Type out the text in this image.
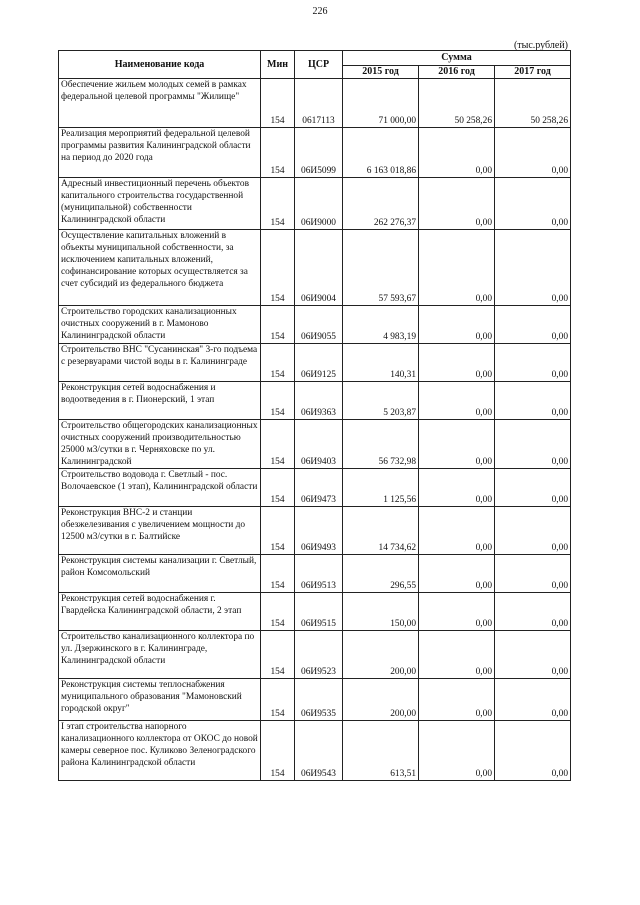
226
(тыс.рублей)
Наименование кода	Мин	ЦСР	Сумма		
			2015 год	2016 год	2017 год
Обеспечение жильем молодых семей в рамках федеральной целевой программы "Жилище"	154	0617113	71 000,00	50 258,26	50 258,26
Реализация мероприятий федеральной целевой программы развития Калининградской области на период до 2020 года	154	06И5099	6 163 018,86	0,00	0,00
Адресный инвестиционный перечень объектов капитального строительства государственной (муниципальной) собственности Калининградской области	154	06И9000	262 276,37	0,00	0,00
Осуществление капитальных вложений в объекты муниципальной собственности, за исключением капитальных вложений, софинансирование которых осуществляется за счет субсидий из федерального бюджета	154	06И9004	57 593,67	0,00	0,00
Строительство городских канализационных очистных сооружений в г. Мамоново Калининградской области	154	06И9055	4 983,19	0,00	0,00
Строительство ВНС "Сусанинская" 3-го подъема с резервуарами чистой воды в г. Калининграде	154	06И9125	140,31	0,00	0,00
Реконструкция сетей водоснабжения и водоотведения в г. Пионерский, 1 этап	154	06И9363	5 203,87	0,00	0,00
Строительство общегородских канализационных очистных сооружений производительностью 25000 м3/сутки в г. Черняховске по ул. Калининградской	154	06И9403	56 732,98	0,00	0,00
Строительство водовода г. Светлый - пос. Волочаевское (1 этап), Калининградской области	154	06И9473	1 125,56	0,00	0,00
Реконструкция ВНС-2 и станции обезжелезивания с увеличением мощности до 12500 м3/сутки в г. Балтийске	154	06И9493	14 734,62	0,00	0,00
Реконструкция системы канализации г. Светлый, район Комсомольский	154	06И9513	296,55	0,00	0,00
Реконструкция сетей водоснабжения г. Гвардейска Калининградской области, 2 этап	154	06И9515	150,00	0,00	0,00
Строительство канализационного коллектора по ул. Дзержинского в г. Калининграде, Калининградской области	154	06И9523	200,00	0,00	0,00
Реконструкция системы теплоснабжения муниципального образования "Мамоновский городской округ"	154	06И9535	200,00	0,00	0,00
I этап строительства напорного канализационного коллектора от ОКОС до новой камеры северное пос. Куликово Зеленоградского района Калининградской области	154	06И9543	613,51	0,00	0,00
